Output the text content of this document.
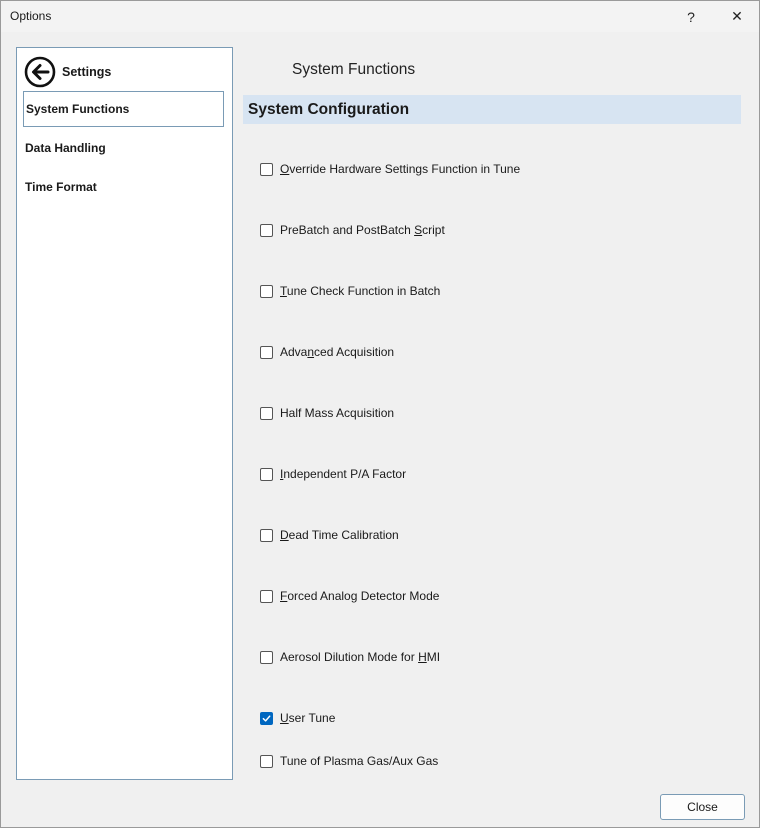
Options	?	✕
Settings
System Functions
Data Handling
Time Format
System Functions
System Configuration
Override Hardware Settings Function in Tune
PreBatch and PostBatch Script
Tune Check Function in Batch
Advanced Acquisition
Half Mass Acquisition
Independent P/A Factor
Dead Time Calibration
Forced Analog Detector Mode
Aerosol Dilution Mode for HMI
User Tune
Tune of Plasma Gas/Aux Gas
Close
